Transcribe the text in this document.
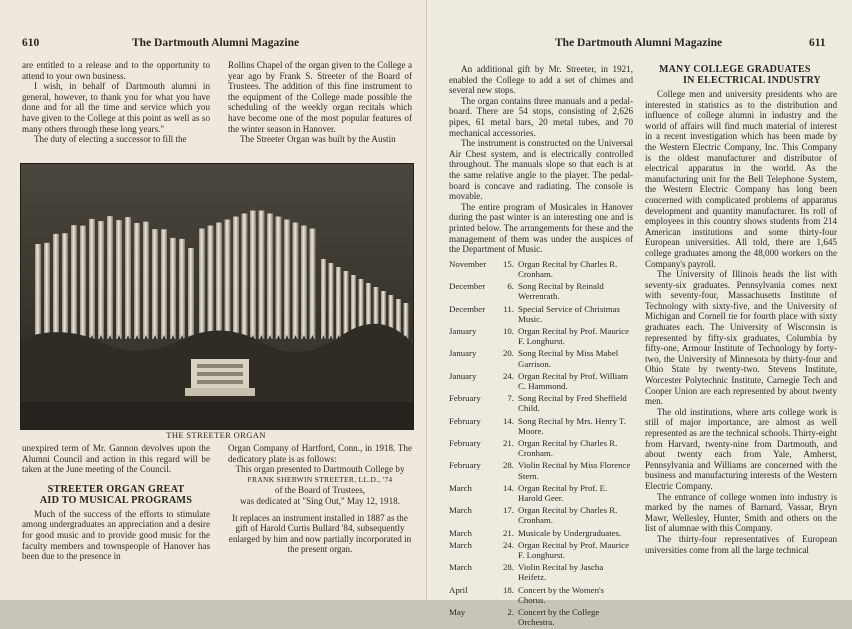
610	The Dartmouth Alumni Magazine

are entitled to a release and to the opportunity to attend to your own business.

I wish, in behalf of Dartmouth alumni in general, however, to thank you for what you have done and for all the time and service which you have given to the College at this point as well as so many others through these long years."

The duty of electing a successor to fill the

Rollins Chapel of the organ given to the College a year ago by Frank S. Streeter of the Board of Trustees. The addition of this fine instrument to the equipment of the College made possible the scheduling of the weekly organ recitals which have become one of the most popular features of the winter season in Hanover.

The Streeter Organ was built by the Austin

THE STREETER ORGAN

unexpired term of Mr. Gannon devolves upon the Alumni Council and action in this regard will be taken at the June meeting of the Council.

STREETER ORGAN GREAT
AID TO MUSICAL PROGRAMS

Much of the success of the efforts to stimulate among undergraduates an appreciation and a desire for good music and to provide good music for the faculty members and townspeople of Hanover has been due to the presence in

Organ Company of Hartford, Conn., in 1918. The dedicatory plate is as follows:

This organ presented to Dartmouth College by

FRANK SHERWIN STREETER, LL.D., '74

of the Board of Trustees,

was dedicated at "Sing Out," May 12, 1918.

It replaces an instrument installed in 1887 as the gift of Harold Curtis Bullard '84, subsequently enlarged by him and now partially incorporated in the present organ.

The Dartmouth Alumni Magazine	611

An additional gift by Mr. Streeter, in 1921, enabled the College to add a set of chimes and several new stops.

The organ contains three manuals and a pedal-board. There are 54 stops, consisting of 2,626 pipes, 61 metal bars, 20 metal tubes, and 70 mechanical accessories.

The instrument is constructed on the Universal Air Chest system, and is electrically controlled throughout. The manuals slope so that each is at the same relative angle to the player. The pedal-board is concave and radiating. The console is movable.

The entire program of Musicales in Hanover during the past winter is an interesting one and is printed below. The arrangements for these and the management of them was under the auspices of the Department of Music.

November	15.	Organ Recital by Charles R. Cronham.
December	6.	Song Recital by Reinald Werrenrath.
December	11.	Special Service of Christmas Music.
January	10.	Organ Recital by Prof. Maurice F. Longhurst.
January	20.	Song Recital by Miss Mabel Garrison.
January	24.	Organ Recital by Prof. William C. Hammond.
February	7.	Song Recital by Fred Sheffield Child.
February	14.	Song Recital by Mrs. Henry T. Moore.
February	21.	Organ Recital by Charles R. Cronham.
February	28.	Violin Recital by Miss Florence Stern.
March	14.	Organ Recital by Prof. E. Harold Geer.
March	17.	Organ Recital by Charles R. Cronham.
March	21.	Musicale by Undergraduates.
March	24.	Organ Recital by Prof. Maurice F. Longhurst.
March	28.	Violin Recital by Jascha Heifetz.
April	18.	Concert by the Women's Chorus.
May	2.	Concert by the College Orchestra.
MANY COLLEGE GRADUATES
IN ELECTRICAL INDUSTRY

College men and university presidents who are interested in statistics as to the distribution and influence of college alumni in industry and the world of affairs will find much material of interest in a recent investigation which has been made by the Western Electric Company, Inc. This Company is the oldest manufacturer and distributor of electrical apparatus in the world. As the manufacturing unit for the Bell Telephone System, the Western Electric Company has long been concerned with complicated problems of apparatus development and quantity manufacturer. Its roll of employees in this country shows students from 214 American institutions and some thirty-four European universities. All told, there are 1,645 college graduates among the 48,000 workers on the Company's payroll.

The University of Illinois heads the list with seventy-six graduates. Pennsylvania comes next with seventy-four, Massachusetts Institute of Technology with sixty-five, and the University of Michigan and Cornell tie for fourth place with sixty graduates each. The University of Wisconsin is represented by fifty-six graduates, Columbia by fifty-one, Armour Institute of Technology by forty-two, the University of Minnesota by thirty-four and Ohio State by twenty-two. Stevens Institute, Worcester Polytechnic Institute, Carnegie Tech and Cooper Union are each represented by about twenty men.

The old institutions, where arts college work is still of major importance, are almost as well represented as are the technical schools. Thirty-eight from Harvard, twenty-nine from Dartmouth, and about twenty each from Yale, Amherst, Pennsylvania and Williams are concerned with the business and manufacturing interests of the Western Electric Company.

The entrance of college women into industry is marked by the names of Barnard, Vassar, Bryn Mawr, Wellesley, Hunter, Smith and others on the list of alumnae with this Company.

The thirty-four representatives of European universities come from all the large technical
